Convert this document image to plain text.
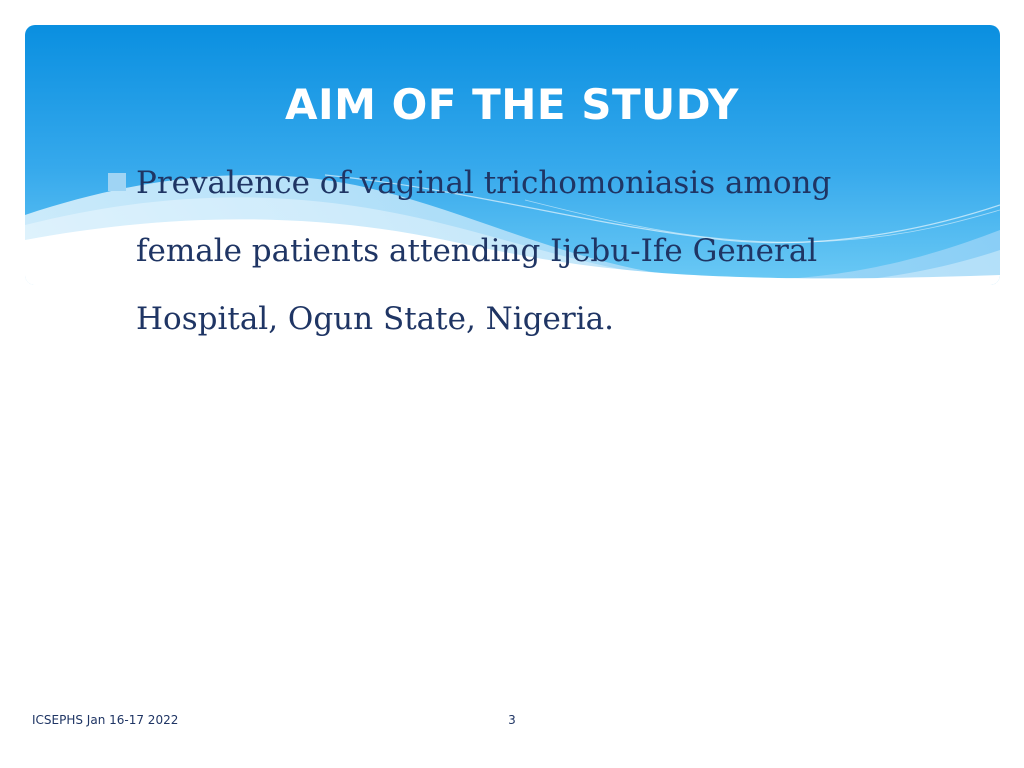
AIM OF THE STUDY
Prevalence of vaginal trichomoniasis among female patients attending Ijebu-Ife General Hospital, Ogun State, Nigeria.
ICSEPHS Jan 16-17 2022	3
